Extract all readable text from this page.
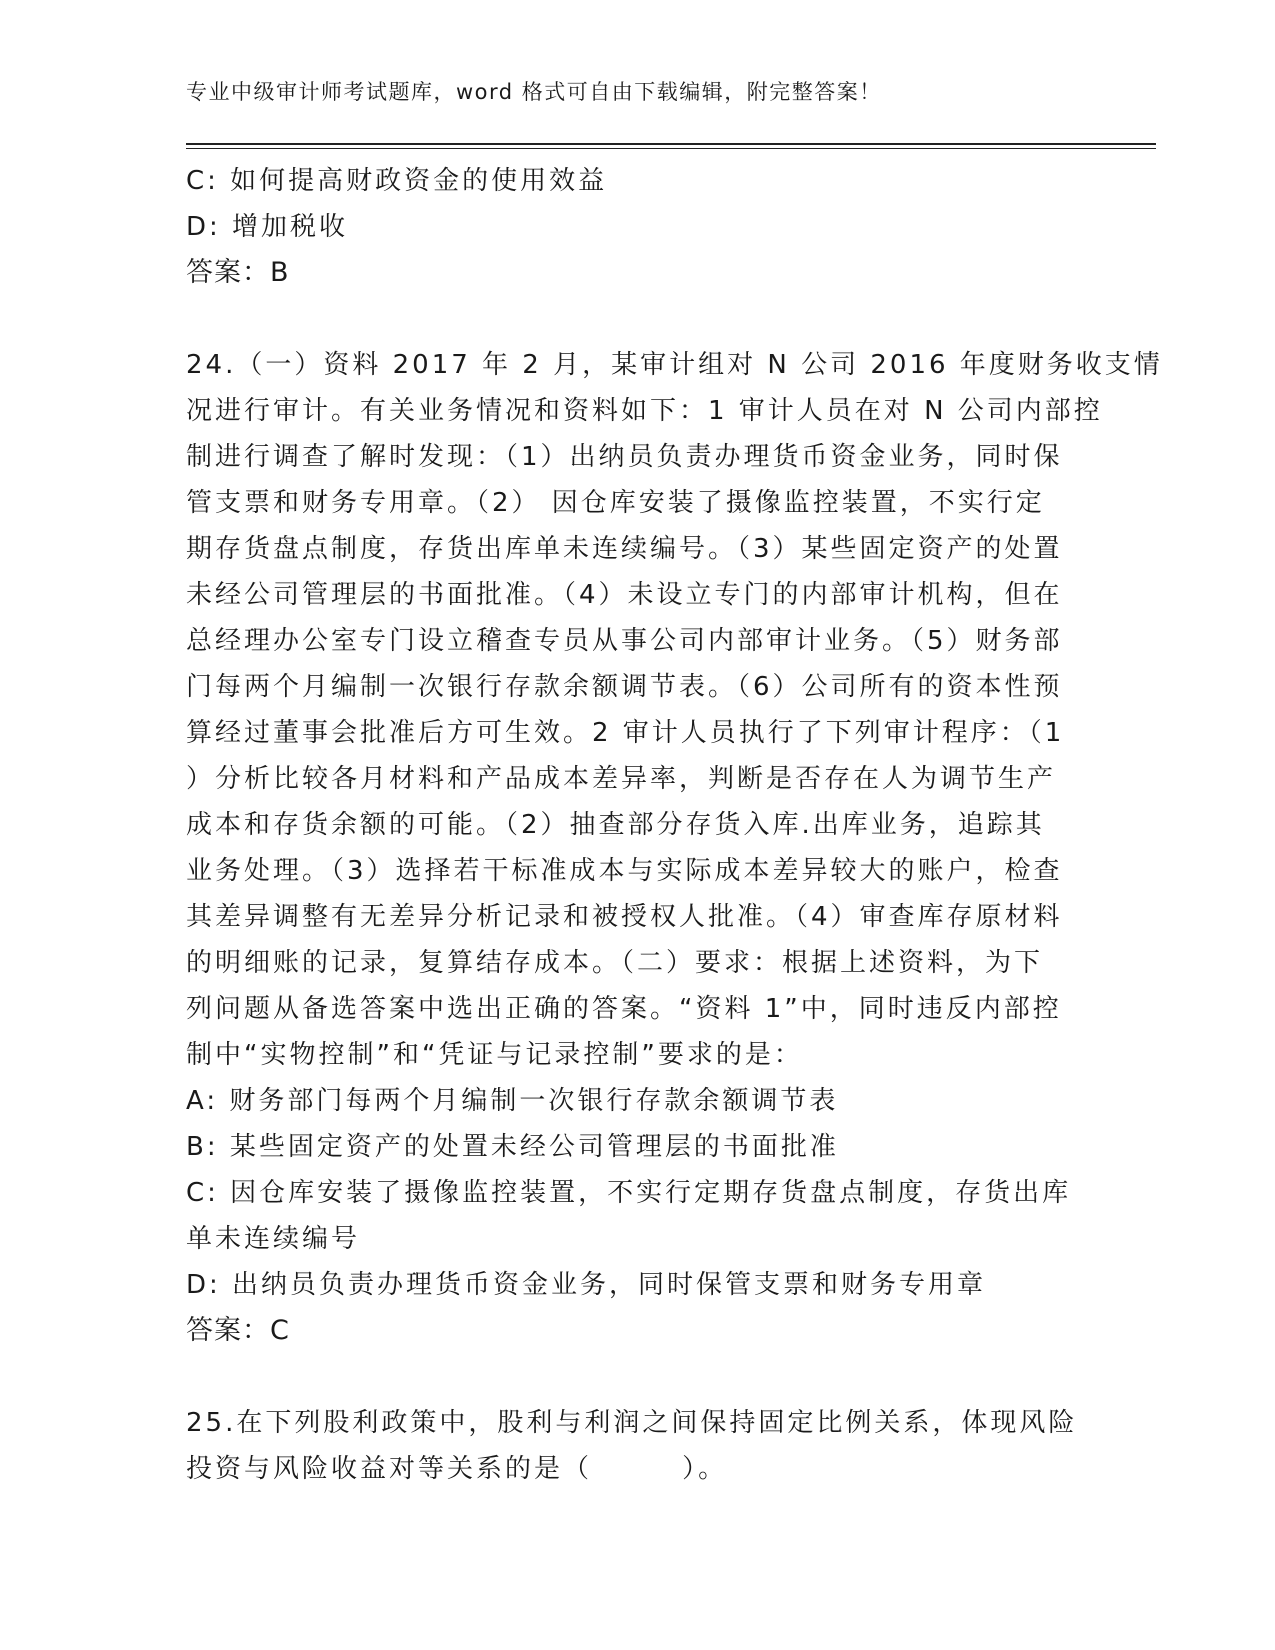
专业中级审计师考试题库，word 格式可自由下载编辑，附完整答案！
C: 如何提高财政资金的使用效益
D: 增加税收
答案：B
24.（一）资料 2017 年 2 月，某审计组对 N 公司 2016 年度财务收支情
况进行审计。有关业务情况和资料如下：1 审计人员在对 N 公司内部控
制进行调查了解时发现：（1）出纳员负责办理货币资金业务，同时保
管支票和财务专用章。（2） 因仓库安装了摄像监控装置，不实行定
期存货盘点制度，存货出库单未连续编号。（3）某些固定资产的处置
未经公司管理层的书面批准。（4）未设立专门的内部审计机构，但在
总经理办公室专门设立稽查专员从事公司内部审计业务。（5）财务部
门每两个月编制一次银行存款余额调节表。（6）公司所有的资本性预
算经过董事会批准后方可生效。2 审计人员执行了下列审计程序：（1
）分析比较各月材料和产品成本差异率，判断是否存在人为调节生产
成本和存货余额的可能。（2）抽查部分存货入库.出库业务，追踪其
业务处理。（3）选择若干标准成本与实际成本差异较大的账户，检查
其差异调整有无差异分析记录和被授权人批准。（4）审查库存原材料
的明细账的记录，复算结存成本。（二）要求：根据上述资料，为下
列问题从备选答案中选出正确的答案。“资料 1”中，同时违反内部控
制中“实物控制”和“凭证与记录控制”要求的是：
A: 财务部门每两个月编制一次银行存款余额调节表
B: 某些固定资产的处置未经公司管理层的书面批准
C: 因仓库安装了摄像监控装置，不实行定期存货盘点制度，存货出库
单未连续编号
D: 出纳员负责办理货币资金业务，同时保管支票和财务专用章
答案：C
25.在下列股利政策中，股利与利润之间保持固定比例关系，体现风险
投资与风险收益对等关系的是（        ）。
